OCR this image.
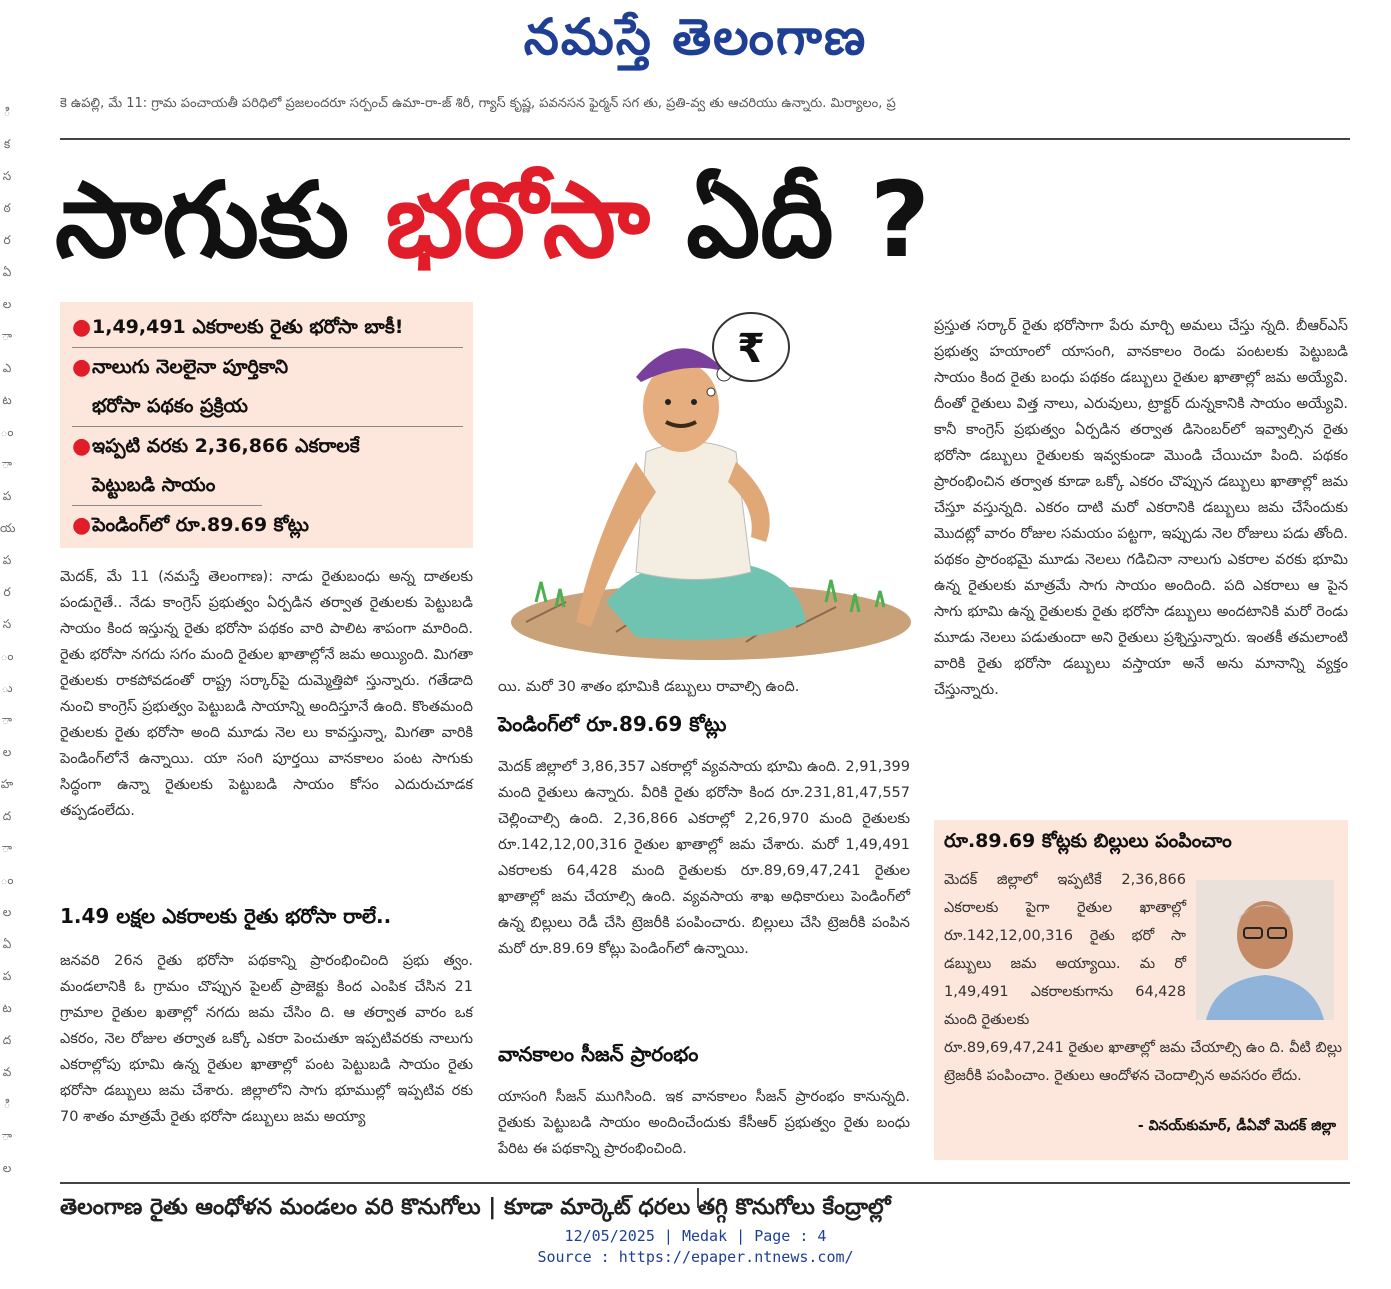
నమస్తే తెలంగాణ
కె ఉపల్లి, మే 11: గ్రామ పంచాయతీ పరిధిలో ప్రజలందరూ సర్పంచ్ ఉమా-రా-జ్ శిరీ, గ్యాస్ కృష్ణ, పవనసన ఫైర్మన్ సగ తు, ప్రతి-వ్వ తు ఆచరియు ఉన్నారు. మిర్యాలం, ప్ర
ి
క
స
ఠ
ర
ఏ
ల
ా
ఎ
ట
ం
ా
ప
య
ప
ర
స
ం
ు
ా
ల
హ
ద
ా
ం
ల
ఏ
ప
ట
ద
వ
ి
ా
ల
సాగుకు భరోసా ఏదీ ?
● 1,49,491 ఎకరాలకు రైతు భరోసా బాకీ!
● నాలుగు నెలలైనా పూర్తికాని
భరోసా పథకం ప్రక్రియ
● ఇప్పటి వరకు 2,36,866 ఎకరాలకే
పెట్టుబడి సాయం
● పెండింగ్‌లో రూ.89.69 కోట్లు
మెదక్, మే 11 (నమస్తే తెలంగాణ): నాడు రైతుబంధు అన్న దాతలకు పండుగైతే.. నేడు కాంగ్రెస్ ప్రభుత్వం ఏర్పడిన తర్వాత రైతులకు పెట్టుబడి సాయం కింద ఇస్తున్న రైతు భరోసా పథకం వారి పాలిట శాపంగా మారింది. రైతు భరోసా నగదు సగం మంది రైతుల ఖాతాల్లోనే జమ అయ్యింది. మిగతా రైతులకు రాకపోవడంతో రాష్ట్ర సర్కార్‌పై దుమ్మెత్తిపో స్తున్నారు. గతేడాది నుంచి కాంగ్రెస్ ప్రభుత్వం పెట్టుబడి సాయాన్ని అందిస్తూనే ఉంది. కొంతమంది రైతులకు రైతు భరోసా అంది మూడు నెల లు కావస్తున్నా, మిగతా వారికి పెండింగ్‌లోనే ఉన్నాయి. యా సంగి పూర్తయి వానకాలం పంట సాగుకు సిద్ధంగా ఉన్నా రైతులకు పెట్టుబడి సాయం కోసం ఎదురుచూడక తప్పడంలేదు.
1.49 లక్షల ఎకరాలకు రైతు భరోసా రాలే..
జనవరి 26న రైతు భరోసా పథకాన్ని ప్రారంభించింది ప్రభు త్వం. మండలానికి ఓ గ్రామం చొప్పున పైలట్ ప్రాజెక్టు కింద ఎంపిక చేసిన 21 గ్రామాల రైతుల ఖతాల్లో నగదు జమ చేసిం ది. ఆ తర్వాత వారం ఒక ఎకరం, నెల రోజుల తర్వాత ఒక్కో ఎకరా పెంచుతూ ఇప్పటివరకు నాలుగు ఎకరాల్లోపు భూమి ఉన్న రైతుల ఖాతాల్లో పంట పెట్టుబడి సాయం రైతు భరోసా డబ్బులు జమ చేశారు. జిల్లాలోని సాగు భూముల్లో ఇప్పటివ రకు 70 శాతం మాత్రమే రైతు భరోసా డబ్బులు జమ అయ్యా
₹
యి. మరో 30 శాతం భూమికి డబ్బులు రావాల్సి ఉంది.
పెండింగ్‌లో రూ.89.69 కోట్లు
మెదక్ జిల్లాలో 3,86,357 ఎకరాల్లో వ్యవసాయ భూమి ఉంది. 2,91,399 మంది రైతులు ఉన్నారు. వీరికి రైతు భరోసా కింద రూ.231,81,47,557 చెల్లించాల్సి ఉంది. 2,36,866 ఎకరాల్లో 2,26,970 మంది రైతులకు రూ.142,12,00,316 రైతుల ఖాతాల్లో జమ చేశారు. మరో 1,49,491 ఎకరాలకు 64,428 మంది రైతులకు రూ.89,69,47,241 రైతుల ఖాతాల్లో జమ చేయాల్సి ఉంది. వ్యవసాయ శాఖ అధికారులు పెండింగ్‌లో ఉన్న బిల్లులు రెడీ చేసి ట్రెజరీకి పంపించారు. బిల్లులు చేసి ట్రెజరీకి పంపిన మరో రూ.89.69 కోట్లు పెండింగ్‌లో ఉన్నాయి.
వానకాలం సీజన్ ప్రారంభం
యాసంగి సీజన్ ముగిసింది. ఇక వానకాలం సీజన్ ప్రారంభం కానున్నది. రైతుకు పెట్టుబడి సాయం అందించేందుకు కేసీఆర్ ప్రభుత్వం రైతు బంధు పేరిట ఈ పథకాన్ని ప్రారంభించింది.
ప్రస్తుత సర్కార్ రైతు భరోసాగా పేరు మార్చి అమలు చేస్తు న్నది. బీఆర్ఎస్ ప్రభుత్వ హయాంలో యాసంగి, వానకాలం రెండు పంటలకు పెట్టుబడి సాయం కింద రైతు బంధు పథకం డబ్బులు రైతుల ఖాతాల్లో జమ అయ్యేవి. దీంతో రైతులు విత్త నాలు, ఎరువులు, ట్రాక్టర్ దున్నకానికి సాయం అయ్యేవి. కానీ కాంగ్రెస్ ప్రభుత్వం ఏర్పడిన తర్వాత డిసెంబర్‌లో ఇవ్వాల్సిన రైతు భరోసా డబ్బులు రైతులకు ఇవ్వకుండా మొండి చేయిచూ పింది. పథకం ప్రారంభించిన తర్వాత కూడా ఒక్కో ఎకరం చొప్పున డబ్బులు ఖాతాల్లో జమ చేస్తూ వస్తున్నది. ఎకరం దాటి మరో ఎకరానికి డబ్బులు జమ చేసేందుకు మొదట్లో వారం రోజుల సమయం పట్టగా, ఇప్పుడు నెల రోజులు పడు తోంది. పథకం ప్రారంభమై మూడు నెలలు గడిచినా నాలుగు ఎకరాల వరకు భూమి ఉన్న రైతులకు మాత్రమే సాగు సాయం అందింది. పది ఎకరాలు ఆ పైన సాగు భూమి ఉన్న రైతులకు రైతు భరోసా డబ్బులు అందటానికి మరో రెండు మూడు నెలలు పడుతుందా అని రైతులు ప్రశ్నిస్తున్నారు. ఇంతకీ తమలాంటి వారికి రైతు భరోసా డబ్బులు వస్తాయా అనే అను మానాన్ని వ్యక్తం చేస్తున్నారు.
రూ.89.69 కోట్లకు బిల్లులు పంపించాం
మెదక్ జిల్లాలో ఇప్పటికే 2,36,866 ఎకరాలకు పైగా రైతుల ఖాతాల్లో రూ.142,12,00,316 రైతు భరో సా డబ్బులు జమ అయ్యాయి. మ రో 1,49,491 ఎకరాలకుగాను 64,428 మంది రైతులకు
రూ.89,69,47,241 రైతుల ఖాతాల్లో జమ చేయాల్సి ఉం ది. వీటి బిల్లు ట్రెజరీకి పంపించాం. రైతులు ఆందోళన చెందాల్సిన అవసరం లేదు.
- వినయ్‌కుమార్, డీఏవో మెదక్ జిల్లా
తెలంగాణ రైతు ఆంధోళన మండలం వరి కొనుగోలు | కూడా మార్కెట్ ధరలు తగ్గి కొనుగోలు కేంద్రాల్లో
12/05/2025 | Medak | Page : 4
Source : https://epaper.ntnews.com/
